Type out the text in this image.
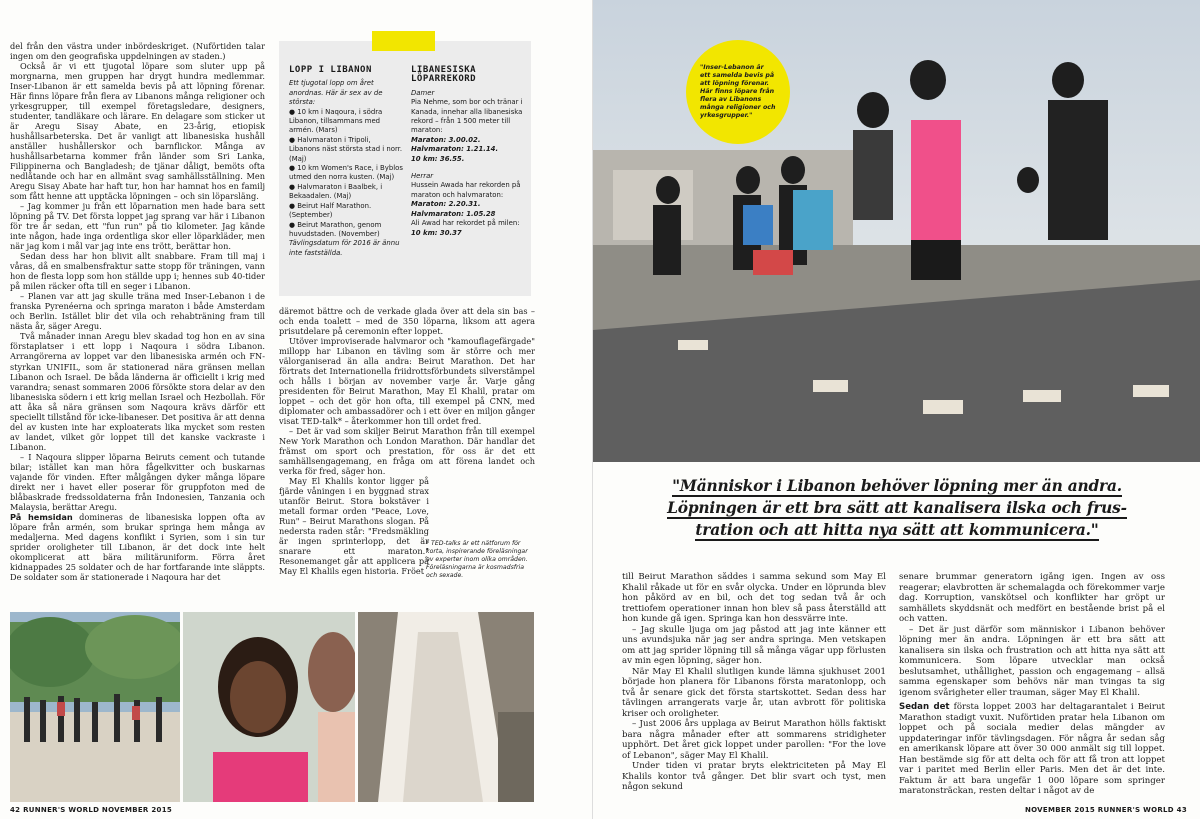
del från den västra under inbördeskriget. (Nuförtiden talar ingen om den geografiska uppdelningen av staden.)

Också är vi ett tjugotal löpare som sluter upp på morgnarna, men gruppen har drygt hundra medlemmar. Inser-Libanon är ett samelda bevis på att löpning förenar. Här finns löpare från flera av Libanons många religioner och yrkesgrupper, till exempel företagsledare, designers, studenter, tandläkare och lärare. En delagare som sticker ut är Aregu Sisay Abate, en 23-årig, etiopisk hushållsarbeterska. Det är vanligt att libanesiska hushåll anställer hushållerskor och barnflickor. Många av hushållsarbetarna kommer från länder som Sri Lanka, Filippinerna och Bangladesh; de tjänar dåligt, bemöts ofta nedlåtande och har en allmänt svag samhällsställning. Men Aregu Sisay Abate har haft tur, hon har hamnat hos en familj som fått henne att upptäcka löpningen – och sin löparsläng.

– Jag kommer ju från ett löparnation men hade bara sett löpning på TV. Det första loppet jag sprang var här i Libanon för tre år sedan, ett "fun run" på tio kilometer. Jag kände inte någon, hade inga ordentliga skor eller löparkläder, men när jag kom i mål var jag inte ens trött, berättar hon.

Sedan dess har hon blivit allt snabbare. Fram till maj i våras, då en smalbensfraktur satte stopp för träningen, vann hon de flesta lopp som hon ställde upp i; hennes sub 40-tider på milen räcker ofta till en seger i Libanon.

– Planen var att jag skulle träna med Inser-Lebanon i de franska Pyrenéerna och springa maraton i både Amsterdam och Berlin. Istället blir det vila och rehabträning fram till nästa år, säger Aregu.

Två månader innan Aregu blev skadad tog hon en av sina förstaplatser i ett lopp i Naqoura i södra Libanon. Arrangörerna av loppet var den libanesiska armén och FN-styrkan UNIFIL, som är stationerad nära gränsen mellan Libanon och Israel. De båda länderna är officiellt i krig med varandra; senast sommaren 2006 försökte stora delar av den libanesiska södern i ett krig mellan Israel och Hezbollah. För att åka så nära gränsen som Naqoura krävs därför ett speciellt tillstånd för icke-libaneser. Det positiva är att denna del av kusten inte har exploaterats lika mycket som resten av landet, vilket gör loppet till det kanske vackraste i Libanon.

– I Naqoura slipper löparna Beiruts cement och tutande bilar; istället kan man höra fågelkvitter och buskarnas vajande för vinden. Efter målgången dyker många löpare direkt ner i havet eller poserar för gruppfoton med de blåbaskrade fredssoldaterna från Indonesien, Tanzania och Malaysia, berättar Aregu.

På hemsidan domineras de libanesiska loppen ofta av löpare från armén, som brukar springa hem många av medaljerna. Med dagens konflikt i Syrien, som i sin tur sprider oroligheter till Libanon, är det dock inte helt okomplicerat att bära militäruniform. Förra året kidnappades 25 soldater och de har fortfarande inte släppts. De soldater som är stationerade i Naqoura har det

LOPP I LIBANON
Ett tjugotal lopp om året anordnas. Här är sex av de största:
● 10 km i Naqoura, i södra Libanon, tillsammans med armén. (Mars)
● Halvmaraton i Tripoli, Libanons näst största stad i norr. (Maj)
● 10 km Women's Race, i Byblos utmed den norra kusten. (Maj)
● Halvmaraton i Baalbek, i Bekaadalen. (Maj)
● Beirut Half Marathon. (September)
● Beirut Marathon, genom huvudstaden. (November)
Tävlingsdatum för 2016 är ännu inte fastställda.
LIBANESISKA LÖPARREKORD
Damer
Pia Nehme, som bor och tränar i Kanada, innehar alla libanesiska rekord – från 1 500 meter till maraton:
Maraton: 3.00.02.
Halvmaraton: 1.21.14.
10 km: 36.55.
Herrar
Hussein Awada har rekorden på maraton och halvmaraton:
Maraton: 2.20.31.
Halvmaraton: 1.05.28
Ali Awad har rekordet på milen:
10 km: 30.37

däremot bättre och de verkade glada över att dela sin bas – och enda toalett – med de 350 löparna, liksom att agera prisutdelare på ceremonin efter loppet.

Utöver improviserade halvmaror och "kamouflagefärgade" millopp har Libanon en tävling som är större och mer välorganiserad än alla andra: Beirut Marathon. Det har förtrats det Internationella friidrottsförbundets silverstämpel och hålls i början av november varje år. Varje gång presidenten för Beirut Marathon, May El Khalil, pratar om loppet – och det gör hon ofta, till exempel på CNN, med diplomater och ambassadörer och i ett över en miljon gånger visat TED-talk* – återkommer hon till ordet fred.

– Det är vad som skiljer Beirut Marathon från till exempel New York Marathon och London Marathon. Där handlar det främst om sport och prestation, för oss är det ett samhällsengagemang, en fråga om att förena landet och verka för fred, säger hon.

May El Khalils kontor ligger på fjärde våningen i en byggnad strax utanför Beirut. Stora bokstäver i metall formar orden "Peace, Love, Run" – Beirut Marathons slogan. På nedersta raden står: "Fredsmäkling är ingen sprinterlopp, det är snarare ett maraton." Resonemanget går att applicera på May El Khalils egen historia. Fröet

* TED-talks är ett nätforum för korta, inspirerande föreläsningar av experter inom olika områden. Föreläsningarna är kosmadsfria och sexade.
42 RUNNER'S WORLD NOVEMBER 2015
"Inser-Lebanon är ett samelda bevis på att löpning förenar. Här finns löpare från flera av Libanons många religioner och yrkesgrupper."
"Människor i Libanon behöver löpning mer än andra.
Löpningen är ett bra sätt att kanalisera ilska och frus-
tration och att hitta nya sätt att kommunicera."

till Beirut Marathon såddes i samma sekund som May El Khalil råkade ut för en svår olycka. Under en löprunda blev hon påkörd av en bil, och det tog sedan två år och trettiofem operationer innan hon blev så pass återställd att hon kunde gå igen. Springa kan hon dessvärre inte.

– Jag skulle ljuga om jag påstod att jag inte känner ett uns avundsjuka när jag ser andra springa. Men vetskapen om att jag sprider löpning till så många vägar upp förlusten av min egen löpning, säger hon.

När May El Khalil slutligen kunde lämna sjukhuset 2001 började hon planera för Libanons första maratonlopp, och två år senare gick det första startskottet. Sedan dess har tävlingen arrangerats varje år, utan avbrott för politiska kriser och oroligheter.

– Just 2006 års upplaga av Beirut Marathon hölls faktiskt bara några månader efter att sommarens stridigheter upphört. Det året gick loppet under parollen: "For the love of Lebanon", säger May El Khalil.

Under tiden vi pratar bryts elektriciteten på May El Khalils kontor två gånger. Det blir svart och tyst, men någon sekund

senare brummar generatorn igång igen. Ingen av oss reagerar; elavbrotten är schemalagda och förekommer varje dag. Korruption, vanskötsel och konflikter har gröpt ur samhällets skyddsnät och medfört en bestående brist på el och vatten.

– Det är just därför som människor i Libanon behöver löpning mer än andra. Löpningen är ett bra sätt att kanalisera sin ilska och frustration och att hitta nya sätt att kommunicera. Som löpare utvecklar man också beslutsamhet, uthållighet, passion och engagemang – allsä samma egenskaper som behövs när man tvingas ta sig igenom svårigheter eller trauman, säger May El Khalil.

Sedan det första loppet 2003 har deltagarantalet i Beirut Marathon stadigt vuxit. Nuförtiden pratar hela Libanon om loppet och på sociala medier delas mängder av uppdateringar inför tävlingsdagen. För några år sedan såg en amerikansk löpare att över 30 000 anmält sig till loppet. Han bestämde sig för att delta och för att få tron att loppet var i paritet med Berlin eller Paris. Men det är det inte. Faktum är att bara ungefär 1 000 löpare som springer maratonsträckan, resten deltar i något av de

NOVEMBER 2015 RUNNER'S WORLD 43
